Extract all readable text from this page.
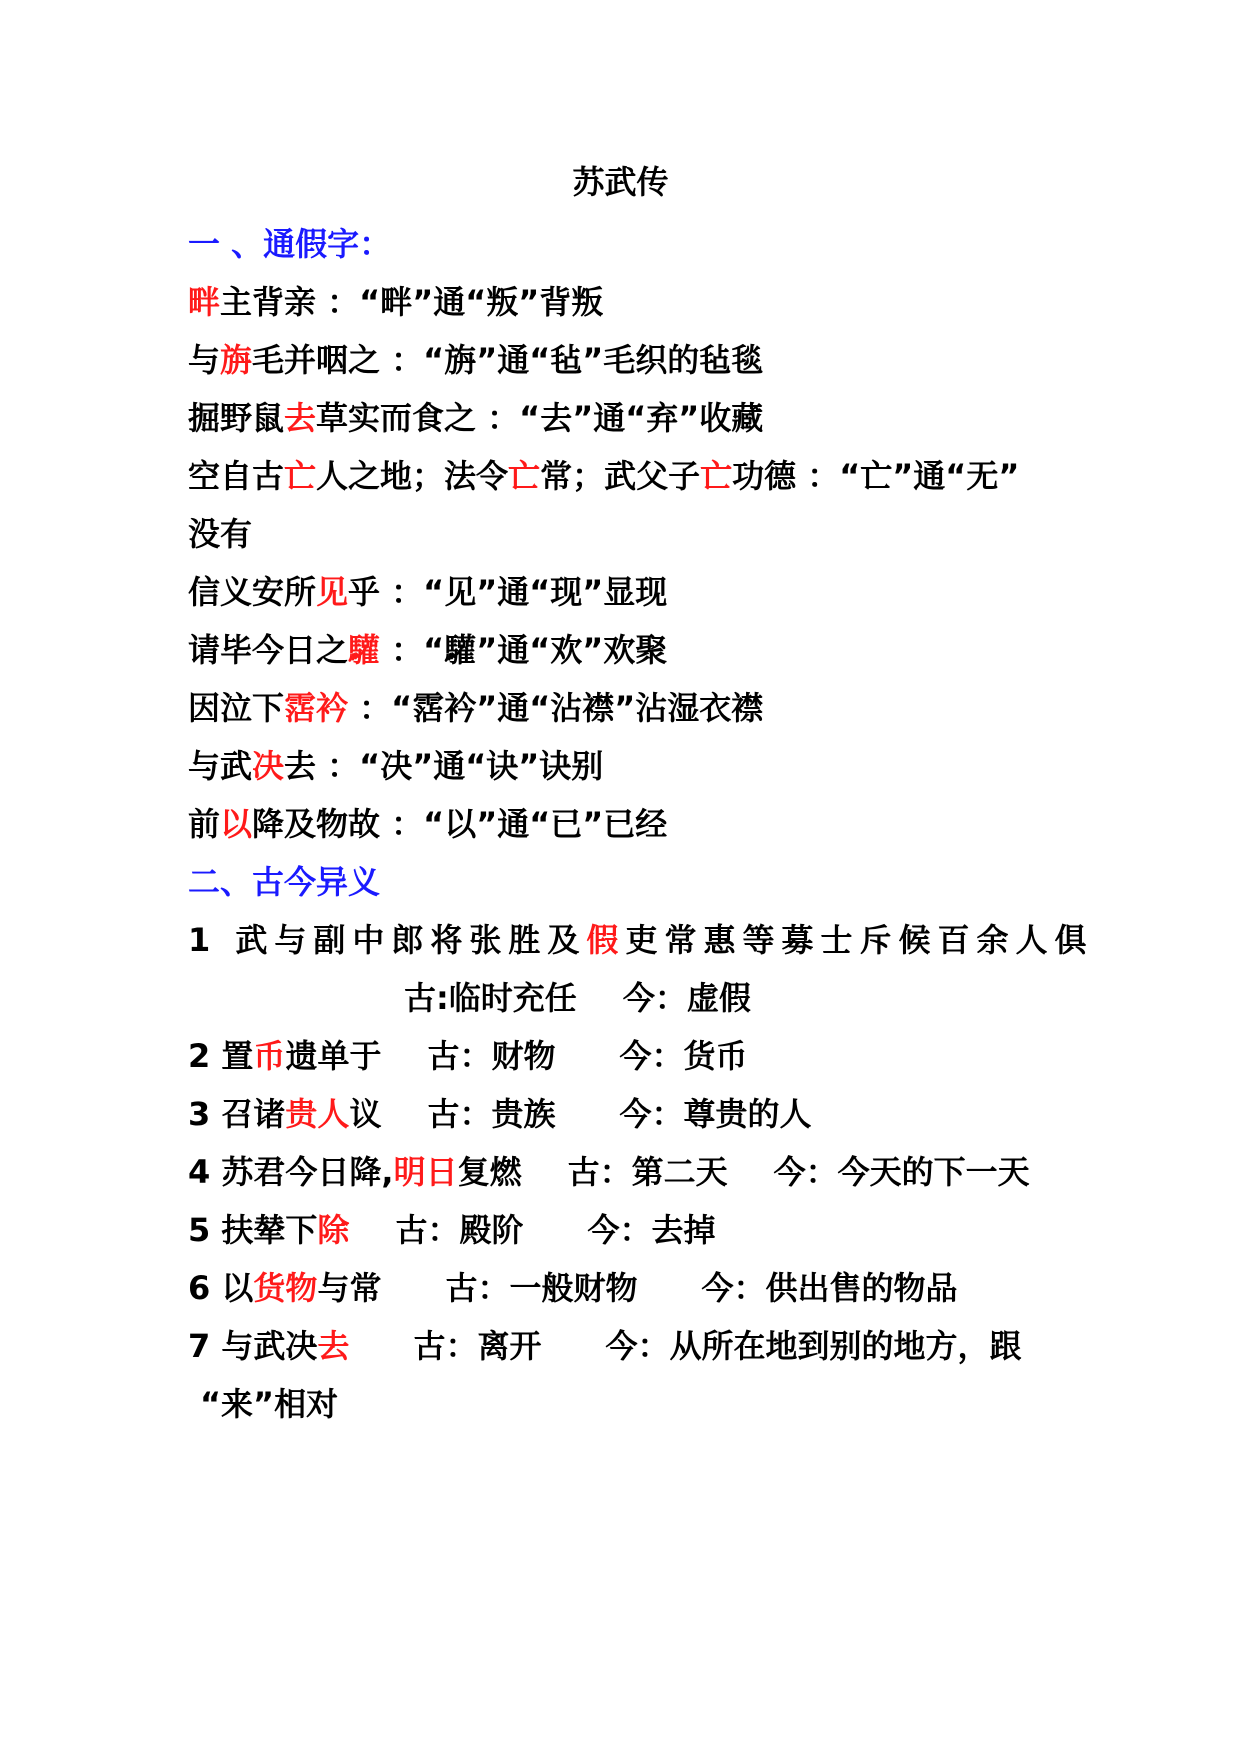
苏武传
一 、通假字：
畔主背亲 ：“畔”通“叛”背叛
与旃毛并咽之 ：“旃”通“毡”毛织的毡毯
掘野鼠去草实而食之 ：“去”通“弃”收藏
空自古亡人之地；法令亡常；武父子亡功德 ：“亡”通“无”
没有
信义安所见乎 ：“见”通“现”显现
请毕今日之驩 ：“驩”通“欢”欢聚
因泣下霑衿 ：“霑衿”通“沾襟”沾湿衣襟
与武决去 ：“决”通“诀”诀别
前以降及物故 ：“以”通“已”已经
二、古今异义
1 武与副中郎将张胜及假吏常惠等募士斥候百余人俱
古:临时充任 今：虚假
2 置币遗单于 古：财物 今：货币
3 召诸贵人议 古：贵族 今：尊贵的人
4 苏君今日降,明日复燃 古：第二天 今：今天的下一天
5 扶辇下除 古：殿阶 今：去掉
6 以货物与常 古：一般财物 今：供出售的物品
7 与武决去 古：离开 今：从所在地到别的地方，跟
“来”相对
